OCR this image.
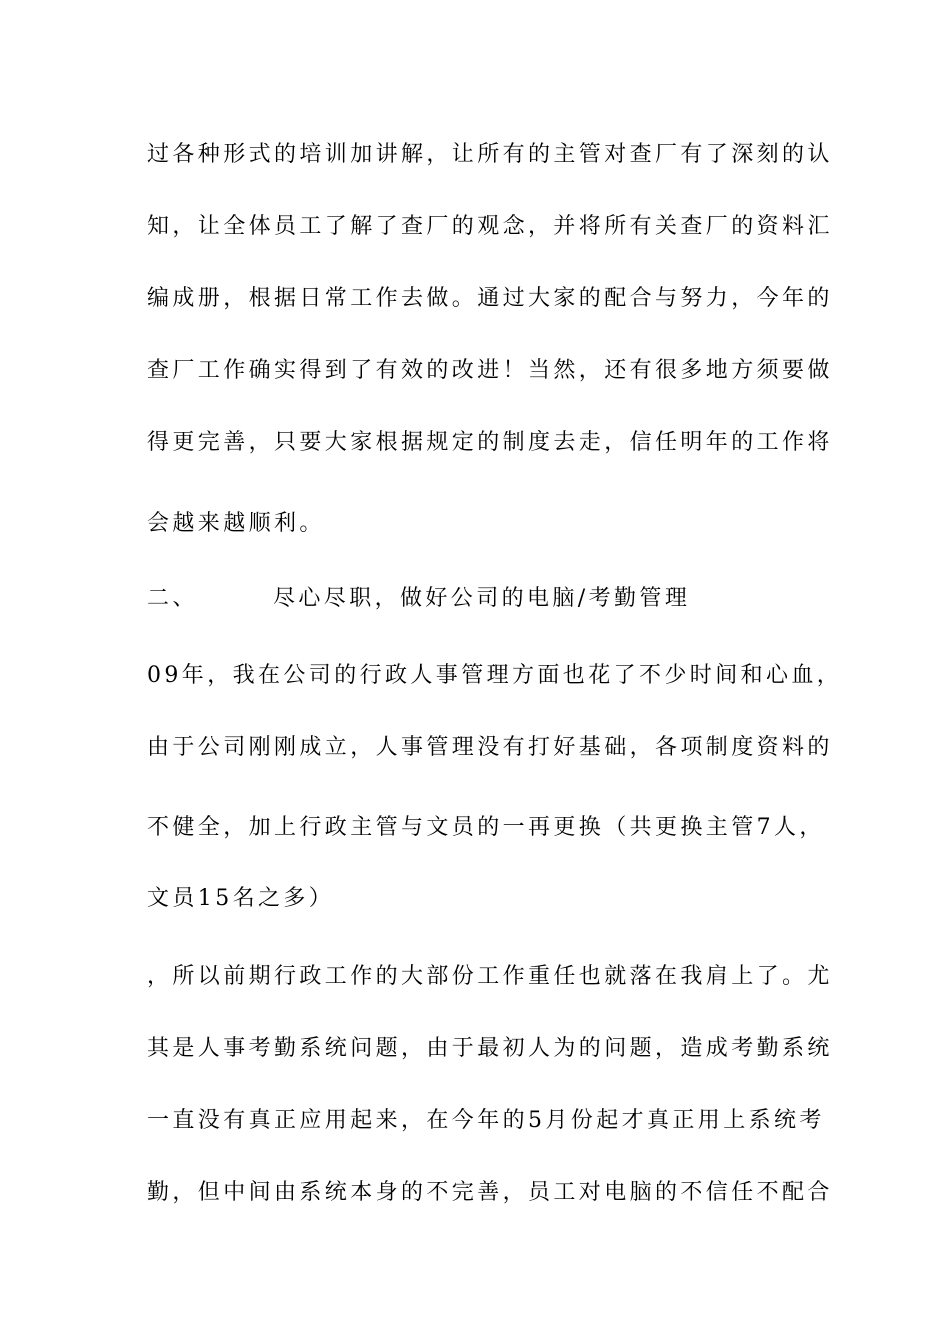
过各种形式的培训加讲解，让所有的主管对查厂有了深刻的认
知，让全体员工了解了查厂的观念，并将所有关查厂的资料汇
编成册，根据日常工作去做。通过大家的配合与努力，今年的
查厂工作确实得到了有效的改进！当然，还有很多地方须要做
得更完善，只要大家根据规定的制度去走，信任明年的工作将
会越来越顺利。
二、	尽心尽职，做好公司的电脑/考勤管理
09年，我在公司的行政人事管理方面也花了不少时间和心血，
由于公司刚刚成立，人事管理没有打好基础，各项制度资料的
不健全，加上行政主管与文员的一再更换（共更换主管7人，
文员15名之多）
，所以前期行政工作的大部份工作重任也就落在我肩上了。尤
其是人事考勤系统问题，由于最初人为的问题，造成考勤系统
一直没有真正应用起来，在今年的5月份起才真正用上系统考
勤，但中间由系统本身的不完善，员工对电脑的不信任不配合
